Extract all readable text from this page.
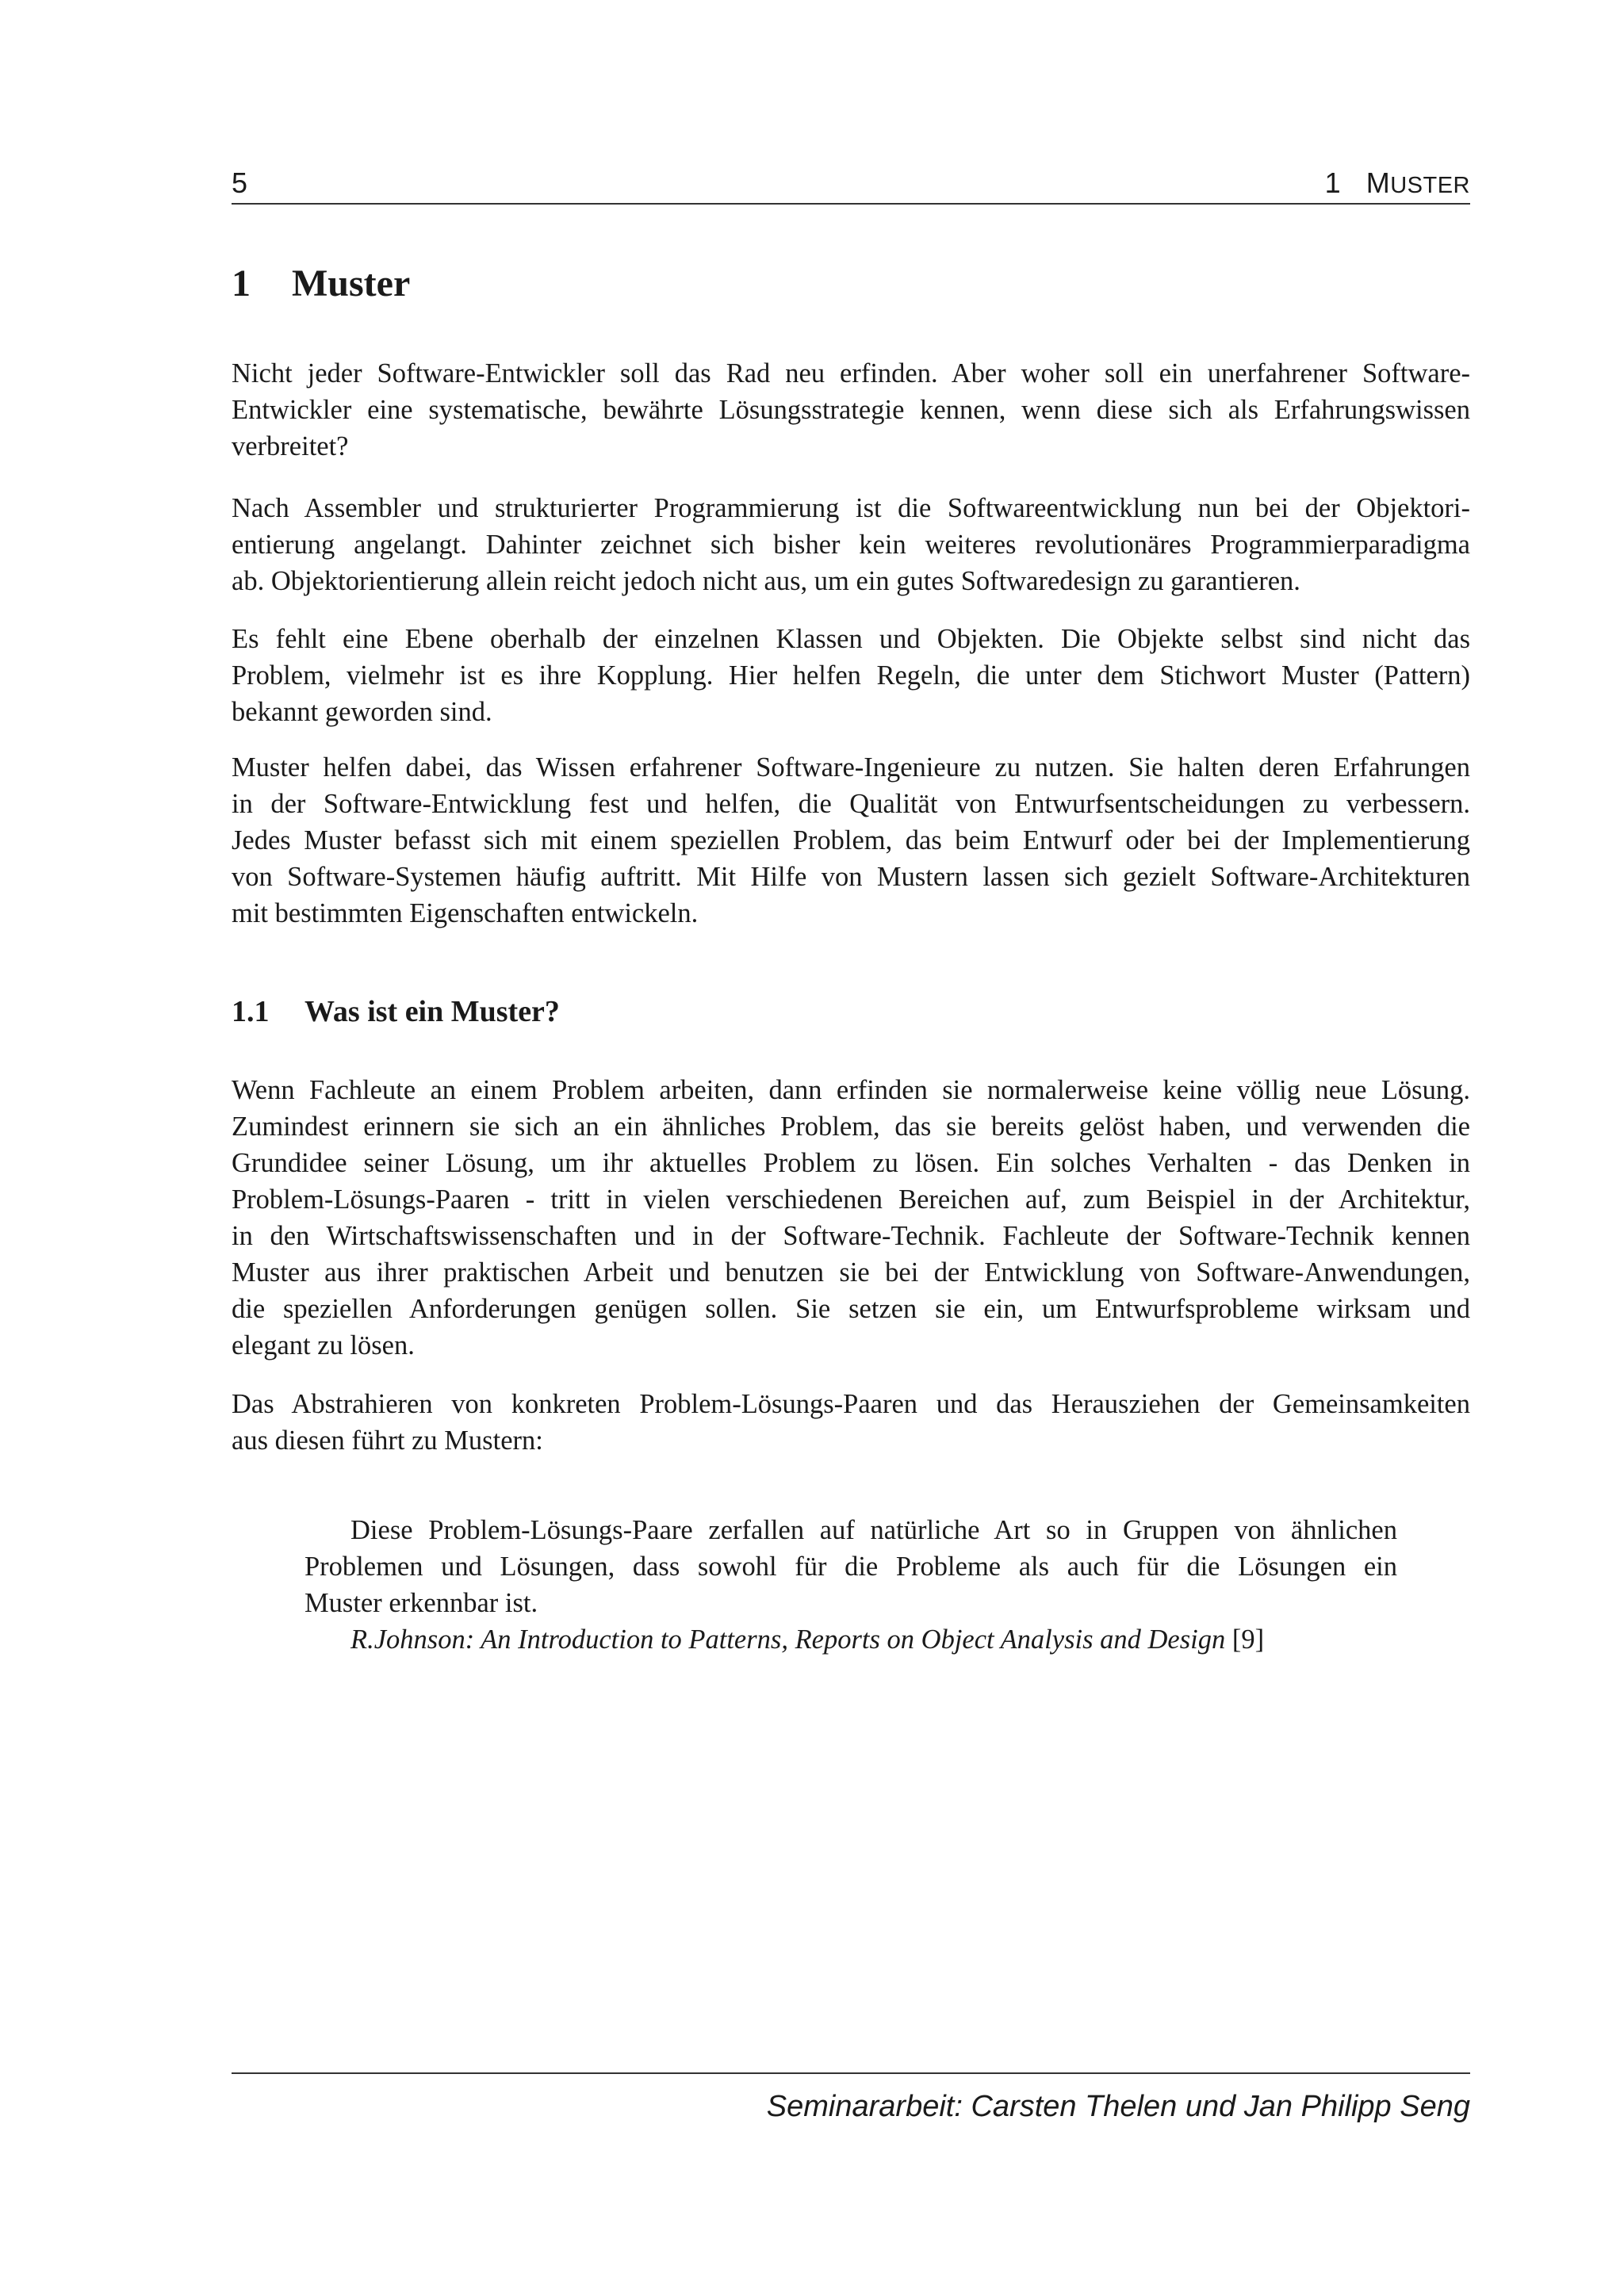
5	1 MUSTER
1 Muster
Nicht jeder Software-Entwickler soll das Rad neu erfinden. Aber woher soll ein unerfahrener Software-
Entwickler eine systematische, bewährte Lösungsstrategie kennen, wenn diese sich als Erfahrungswissen
verbreitet?
Nach Assembler und strukturierter Programmierung ist die Softwareentwicklung nun bei der Objektori-
entierung angelangt. Dahinter zeichnet sich bisher kein weiteres revolutionäres Programmierparadigma
ab. Objektorientierung allein reicht jedoch nicht aus, um ein gutes Softwaredesign zu garantieren.
Es fehlt eine Ebene oberhalb der einzelnen Klassen und Objekten. Die Objekte selbst sind nicht das
Problem, vielmehr ist es ihre Kopplung. Hier helfen Regeln, die unter dem Stichwort Muster (Pattern)
bekannt geworden sind.
Muster helfen dabei, das Wissen erfahrener Software-Ingenieure zu nutzen. Sie halten deren Erfahrungen
in der Software-Entwicklung fest und helfen, die Qualität von Entwurfsentscheidungen zu verbessern.
Jedes Muster befasst sich mit einem speziellen Problem, das beim Entwurf oder bei der Implementierung
von Software-Systemen häufig auftritt. Mit Hilfe von Mustern lassen sich gezielt Software-Architekturen
mit bestimmten Eigenschaften entwickeln.
1.1 Was ist ein Muster?
Wenn Fachleute an einem Problem arbeiten, dann erfinden sie normalerweise keine völlig neue Lösung.
Zumindest erinnern sie sich an ein ähnliches Problem, das sie bereits gelöst haben, und verwenden die
Grundidee seiner Lösung, um ihr aktuelles Problem zu lösen. Ein solches Verhalten - das Denken in
Problem-Lösungs-Paaren - tritt in vielen verschiedenen Bereichen auf, zum Beispiel in der Architektur,
in den Wirtschaftswissenschaften und in der Software-Technik. Fachleute der Software-Technik kennen
Muster aus ihrer praktischen Arbeit und benutzen sie bei der Entwicklung von Software-Anwendungen,
die speziellen Anforderungen genügen sollen. Sie setzen sie ein, um Entwurfsprobleme wirksam und
elegant zu lösen.
Das Abstrahieren von konkreten Problem-Lösungs-Paaren und das Herausziehen der Gemeinsamkeiten
aus diesen führt zu Mustern:
Diese Problem-Lösungs-Paare zerfallen auf natürliche Art so in Gruppen von ähnlichen
Problemen und Lösungen, dass sowohl für die Probleme als auch für die Lösungen ein
Muster erkennbar ist.
R.Johnson: An Introduction to Patterns, Reports on Object Analysis and Design [9]
Seminararbeit: Carsten Thelen und Jan Philipp Seng
